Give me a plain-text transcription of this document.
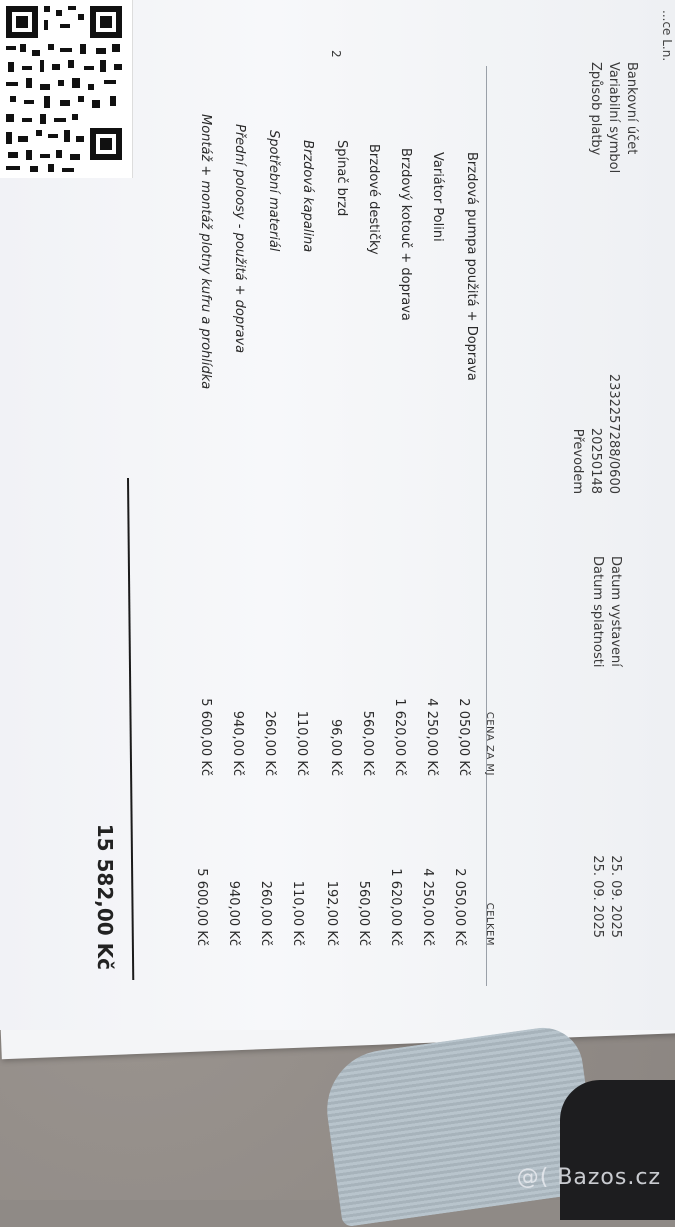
...ce L.n.
2
Bankovní účet
Variabilní symbol
Způsob platby
2332257288/0600
20250148
Převodem
Datum vystavení
Datum splatnosti
25. 09. 2025
25. 09. 2025
CENA ZA MJ
CELKEM
Brzdová pumpa použitá + Doprava
2 050,00 Kč
2 050,00 Kč
Variátor Polini
4 250,00 Kč
4 250,00 Kč
Brzdový kotouč + doprava
1 620,00 Kč
1 620,00 Kč
Brzdové destičky
560,00 Kč
560,00 Kč
Spínač brzd
96,00 Kč
192,00 Kč
Brzdová kapalina
110,00 Kč
110,00 Kč
Spotřební materiál
260,00 Kč
260,00 Kč
Přední poloosy - použitá + doprava
940,00 Kč
940,00 Kč
Montáž + montáž plotny kufru a prohlídka
5 600,00 Kč
5 600,00 Kč
15 582,00 Kč
@( Bazos.cz
